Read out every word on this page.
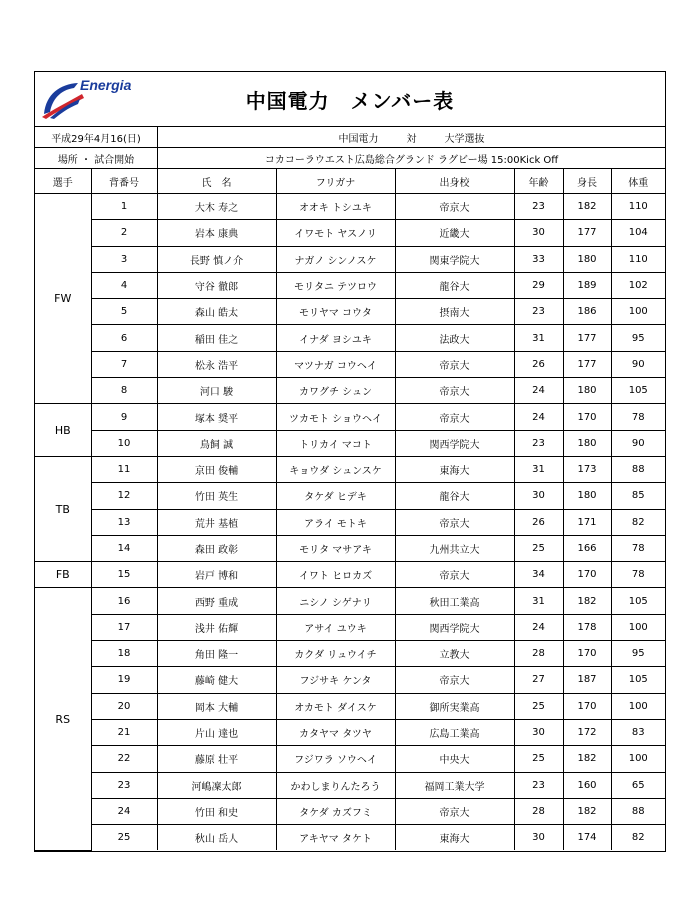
Energia
中国電力　メンバー表
平成29年4月16(日)	中国電力	対	大学選抜
場所 ・ 試合開始	コカコーラウエスト広島総合グランド ラグビー場 15:00Kick Off
選手	背番号	氏　名	フリガナ	出身校	年齢	身長	体重
FW	1	大木 寿之	オオキ トシユキ	帝京大	23	182	110
	2	岩本 康典	イワモト ヤスノリ	近畿大	30	177	104
	3	長野 慎ノ介	ナガノ シンノスケ	関東学院大	33	180	110
	4	守谷 徹郎	モリタニ テツロウ	龍谷大	29	189	102
	5	森山 皓太	モリヤマ コウタ	摂南大	23	186	100
	6	稲田 佳之	イナダ ヨシユキ	法政大	31	177	95
	7	松永 浩平	マツナガ コウヘイ	帝京大	26	177	90
	8	河口 駿	カワグチ シュン	帝京大	24	180	105
HB	9	塚本 奨平	ツカモト ショウヘイ	帝京大	24	170	78
	10	鳥飼 誠	トリカイ マコト	関西学院大	23	180	90
TB	11	京田 俊輔	キョウダ シュンスケ	東海大	31	173	88
	12	竹田 英生	タケダ ヒデキ	龍谷大	30	180	85
	13	荒井 基植	アライ モトキ	帝京大	26	171	82
	14	森田 政彰	モリタ マサアキ	九州共立大	25	166	78
FB	15	岩戸 博和	イワト ヒロカズ	帝京大	34	170	78
RS	16	西野 重成	ニシノ シゲナリ	秋田工業高	31	182	105
	17	浅井 佑輝	アサイ ユウキ	関西学院大	24	178	100
	18	角田 隆一	カクダ リュウイチ	立教大	28	170	95
	19	藤崎 健大	フジサキ ケンタ	帝京大	27	187	105
	20	岡本 大輔	オカモト ダイスケ	御所実業高	25	170	100
	21	片山 達也	カタヤマ タツヤ	広島工業高	30	172	83
	22	藤原 壮平	フジワラ ソウヘイ	中央大	25	182	100
	23	河嶋凜太郎	かわしまりんたろう	福岡工業大学	23	160	65
	24	竹田 和史	タケダ カズフミ	帝京大	28	182	88
	25	秋山 岳人	アキヤマ タケト	東海大	30	174	82
